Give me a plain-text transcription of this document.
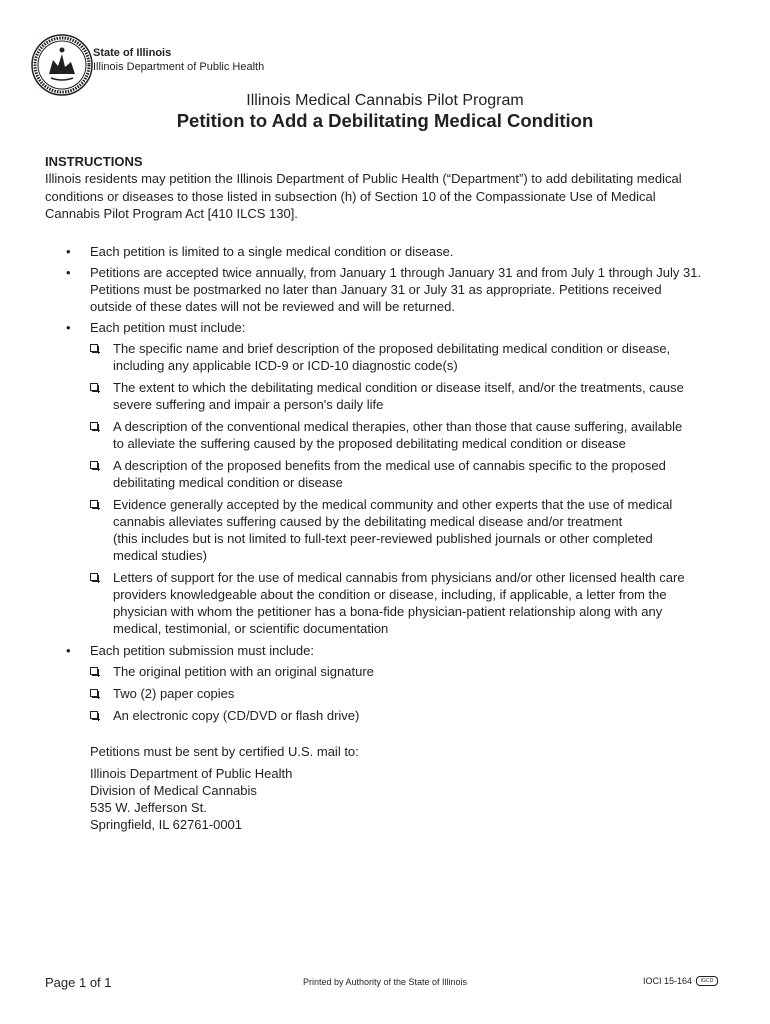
State of Illinois
Illinois Department of Public Health
Illinois Medical Cannabis Pilot Program
Petition to Add a Debilitating Medical Condition
INSTRUCTIONS
Illinois residents may petition the Illinois Department of Public Health (“Department”) to add debilitating medical
conditions or diseases to those listed in subsection (h) of Section 10 of the Compassionate Use of Medical
Cannabis Pilot Program Act [410 ILCS 130].
• Each petition is limited to a single medical condition or disease.
• Petitions are accepted twice annually, from January 1 through January 31 and from July 1 through July 31.
Petitions must be postmarked no later than January 31 or July 31 as appropriate. Petitions received
outside of these dates will not be reviewed and will be returned.
• Each petition must include:
The specific name and brief description of the proposed debilitating medical condition or disease,
including any applicable ICD-9 or ICD-10 diagnostic code(s)
The extent to which the debilitating medical condition or disease itself, and/or the treatments, cause
severe suffering and impair a person's daily life
A description of the conventional medical therapies, other than those that cause suffering, available
to alleviate the suffering caused by the proposed debilitating medical condition or disease
A description of the proposed benefits from the medical use of cannabis specific to the proposed
debilitating medical condition or disease
Evidence generally accepted by the medical community and other experts that the use of medical
cannabis alleviates suffering caused by the debilitating medical disease and/or treatment
(this includes but is not limited to full-text peer-reviewed published journals or other completed
medical studies)
Letters of support for the use of medical cannabis from physicians and/or other licensed health care
providers knowledgeable about the condition or disease, including, if applicable, a letter from the
physician with whom the petitioner has a bona-fide physician-patient relationship along with any
medical, testimonial, or scientific documentation
• Each petition submission must include:
The original petition with an original signature
Two (2) paper copies
An electronic copy (CD/DVD or flash drive)
Petitions must be sent by certified U.S. mail to:
Illinois Department of Public Health
Division of Medical Cannabis
535 W. Jefferson St.
Springfield, IL 62761-0001
Page 1 of 1	Printed by Authority of the State of Illinois	IOCI 15-164	IGCD
